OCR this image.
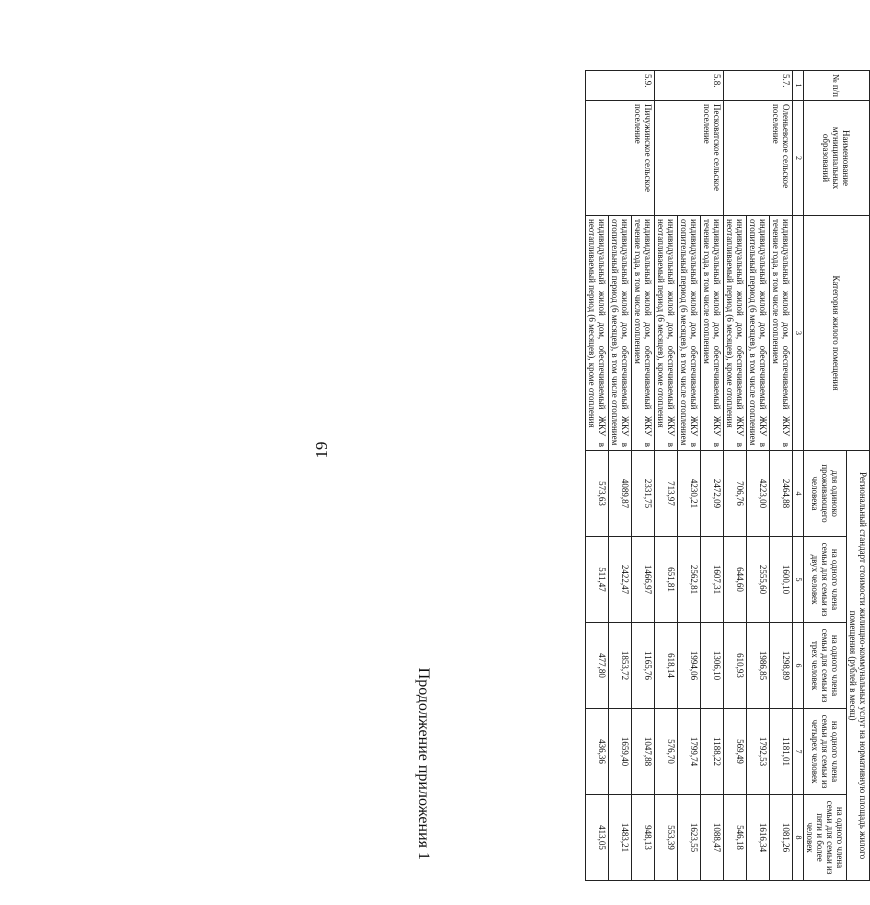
19
Продолжение приложения 1
№ п/п	Наименование муниципальных образований	Категория жилого помещения	Региональный стандарт стоимости жилищно-коммунальных услуг на нормативную площадь жилого помещения (рублей в месяц)				
			для одиноко проживающего человека	на одного члена семьи для семьи из двух человек	на одного члена семьи для семьи из трех человек	на одного члена семьи для семьи из четырех человек	на одного члена семьи для семьи из пяти и более человек
1	2	3	4	5	6	7	8
5.7.	Оленьевское сельское поселение	индивидуальный жилой дом, обеспечиваемый ЖКУ в течение года, в том числе отоплением	2464,88	1600,10	1298,89	1181,01	1081,26
		индивидуальный жилой дом, обеспечиваемый ЖКУ в отопительный период (6 месяцев), в том числе отоплением	4223,00	2555,60	1986,85	1792,53	1616,34
		индивидуальный жилой дом, обеспечиваемый ЖКУ в неотапливаемый период (6 месяцев), кроме отопления	706,76	644,60	610,93	569,49	546,18
5.8.	Песковатское сельское поселение	индивидуальный жилой дом, обеспечиваемый ЖКУ в течение года, в том числе отоплением	2472,09	1607,31	1306,10	1188,22	1088,47
		индивидуальный жилой дом, обеспечиваемый ЖКУ в отопительный период (6 месяцев), в том числе отоплением	4230,21	2562,81	1994,06	1799,74	1623,55
		индивидуальный жилой дом, обеспечиваемый ЖКУ в неотапливаемый период (6 месяцев), кроме отопления	713,97	651,81	618,14	576,70	553,39
5.9.	Пичужинское сельское поселение	индивидуальный жилой дом, обеспечиваемый ЖКУ в течение года, в том числе отоплением	2331,75	1466,97	1165,76	1047,88	948,13
		индивидуальный жилой дом, обеспечиваемый ЖКУ в отопительный период (6 месяцев), в том числе отоплением	4089,87	2422,47	1853,72	1659,40	1483,21
		индивидуальный жилой дом, обеспечиваемый ЖКУ в неотапливаемый период (6 месяцев), кроме отопления	573,63	511,47	477,80	436,36	413,05
